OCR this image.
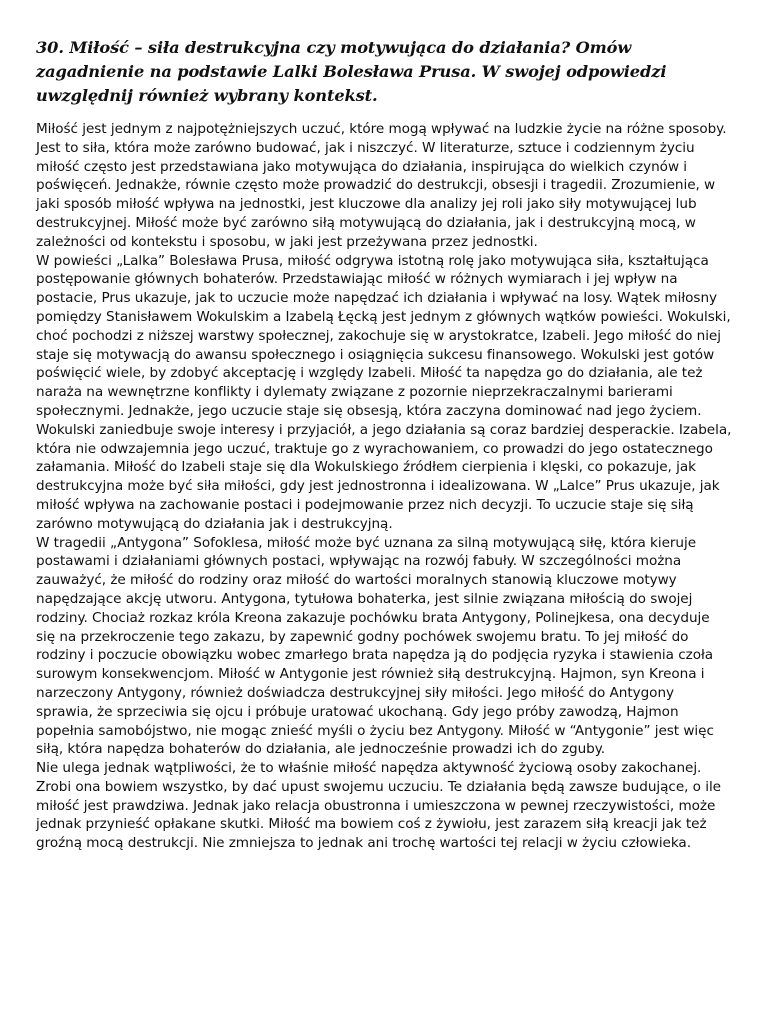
30. Miłość – siła destrukcyjna czy motywująca do działania? Omów zagadnienie na podstawie Lalki Bolesława Prusa. W swojej odpowiedzi uwzględnij również wybrany kontekst.

Miłość jest jednym z najpotężniejszych uczuć, które mogą wpływać na ludzkie życie na różne sposoby. Jest to siła, która może zarówno budować, jak i niszczyć. W literaturze, sztuce i codziennym życiu miłość często jest przedstawiana jako motywująca do działania, inspirująca do wielkich czynów i poświęceń. Jednakże, równie często może prowadzić do destrukcji, obsesji i tragedii. Zrozumienie, w jaki sposób miłość wpływa na jednostki, jest kluczowe dla analizy jej roli jako siły motywującej lub destrukcyjnej. Miłość może być zarówno siłą motywującą do działania, jak i destrukcyjną mocą, w zależności od kontekstu i sposobu, w jaki jest przeżywana przez jednostki.

W powieści „Lalka” Bolesława Prusa, miłość odgrywa istotną rolę jako motywująca siła, kształtująca postępowanie głównych bohaterów. Przedstawiając miłość w różnych wymiarach i jej wpływ na postacie, Prus ukazuje, jak to uczucie może napędzać ich działania i wpływać na losy. Wątek miłosny pomiędzy Stanisławem Wokulskim a Izabelą Łęcką jest jednym z głównych wątków powieści. Wokulski, choć pochodzi z niższej warstwy społecznej, zakochuje się w arystokratce, Izabeli. Jego miłość do niej staje się motywacją do awansu społecznego i osiągnięcia sukcesu finansowego. Wokulski jest gotów poświęcić wiele, by zdobyć akceptację i względy Izabeli. Miłość ta napędza go do działania, ale też naraża na wewnętrzne konflikty i dylematy związane z pozornie nieprzekraczalnymi barierami społecznymi. Jednakże, jego uczucie staje się obsesją, która zaczyna dominować nad jego życiem. Wokulski zaniedbuje swoje interesy i przyjaciół, a jego działania są coraz bardziej desperackie. Izabela, która nie odwzajemnia jego uczuć, traktuje go z wyrachowaniem, co prowadzi do jego ostatecznego załamania. Miłość do Izabeli staje się dla Wokulskiego źródłem cierpienia i klęski, co pokazuje, jak destrukcyjna może być siła miłości, gdy jest jednostronna i idealizowana. W „Lalce” Prus ukazuje, jak miłość wpływa na zachowanie postaci i podejmowanie przez nich decyzji. To uczucie staje się siłą zarówno motywującą do działania jak i destrukcyjną.

W tragedii „Antygona” Sofoklesa, miłość może być uznana za silną motywującą siłę, która kieruje postawami i działaniami głównych postaci, wpływając na rozwój fabuły. W szczególności można zauważyć, że miłość do rodziny oraz miłość do wartości moralnych stanowią kluczowe motywy napędzające akcję utworu. Antygona, tytułowa bohaterka, jest silnie związana miłością do swojej rodziny. Chociaż rozkaz króla Kreona zakazuje pochówku brata Antygony, Polinejkesa, ona decyduje się na przekroczenie tego zakazu, by zapewnić godny pochówek swojemu bratu. To jej miłość do rodziny i poczucie obowiązku wobec zmarłego brata napędza ją do podjęcia ryzyka i stawienia czoła surowym konsekwencjom. Miłość w Antygonie jest również siłą destrukcyjną. Hajmon, syn Kreona i narzeczony Antygony, również doświadcza destrukcyjnej siły miłości. Jego miłość do Antygony sprawia, że sprzeciwia się ojcu i próbuje uratować ukochaną. Gdy jego próby zawodzą, Hajmon popełnia samobójstwo, nie mogąc znieść myśli o życiu bez Antygony. Miłość w “Antygonie” jest więc siłą, która napędza bohaterów do działania, ale jednocześnie prowadzi ich do zguby.

Nie ulega jednak wątpliwości, że to właśnie miłość napędza aktywność życiową osoby zakochanej. Zrobi ona bowiem wszystko, by dać upust swojemu uczuciu. Te działania będą zawsze budujące, o ile miłość jest prawdziwa. Jednak jako relacja obustronna i umieszczona w pewnej rzeczywistości, może jednak przynieść opłakane skutki. Miłość ma bowiem coś z żywiołu, jest zarazem siłą kreacji jak też groźną mocą destrukcji. Nie zmniejsza to jednak ani trochę wartości tej relacji w życiu człowieka.
